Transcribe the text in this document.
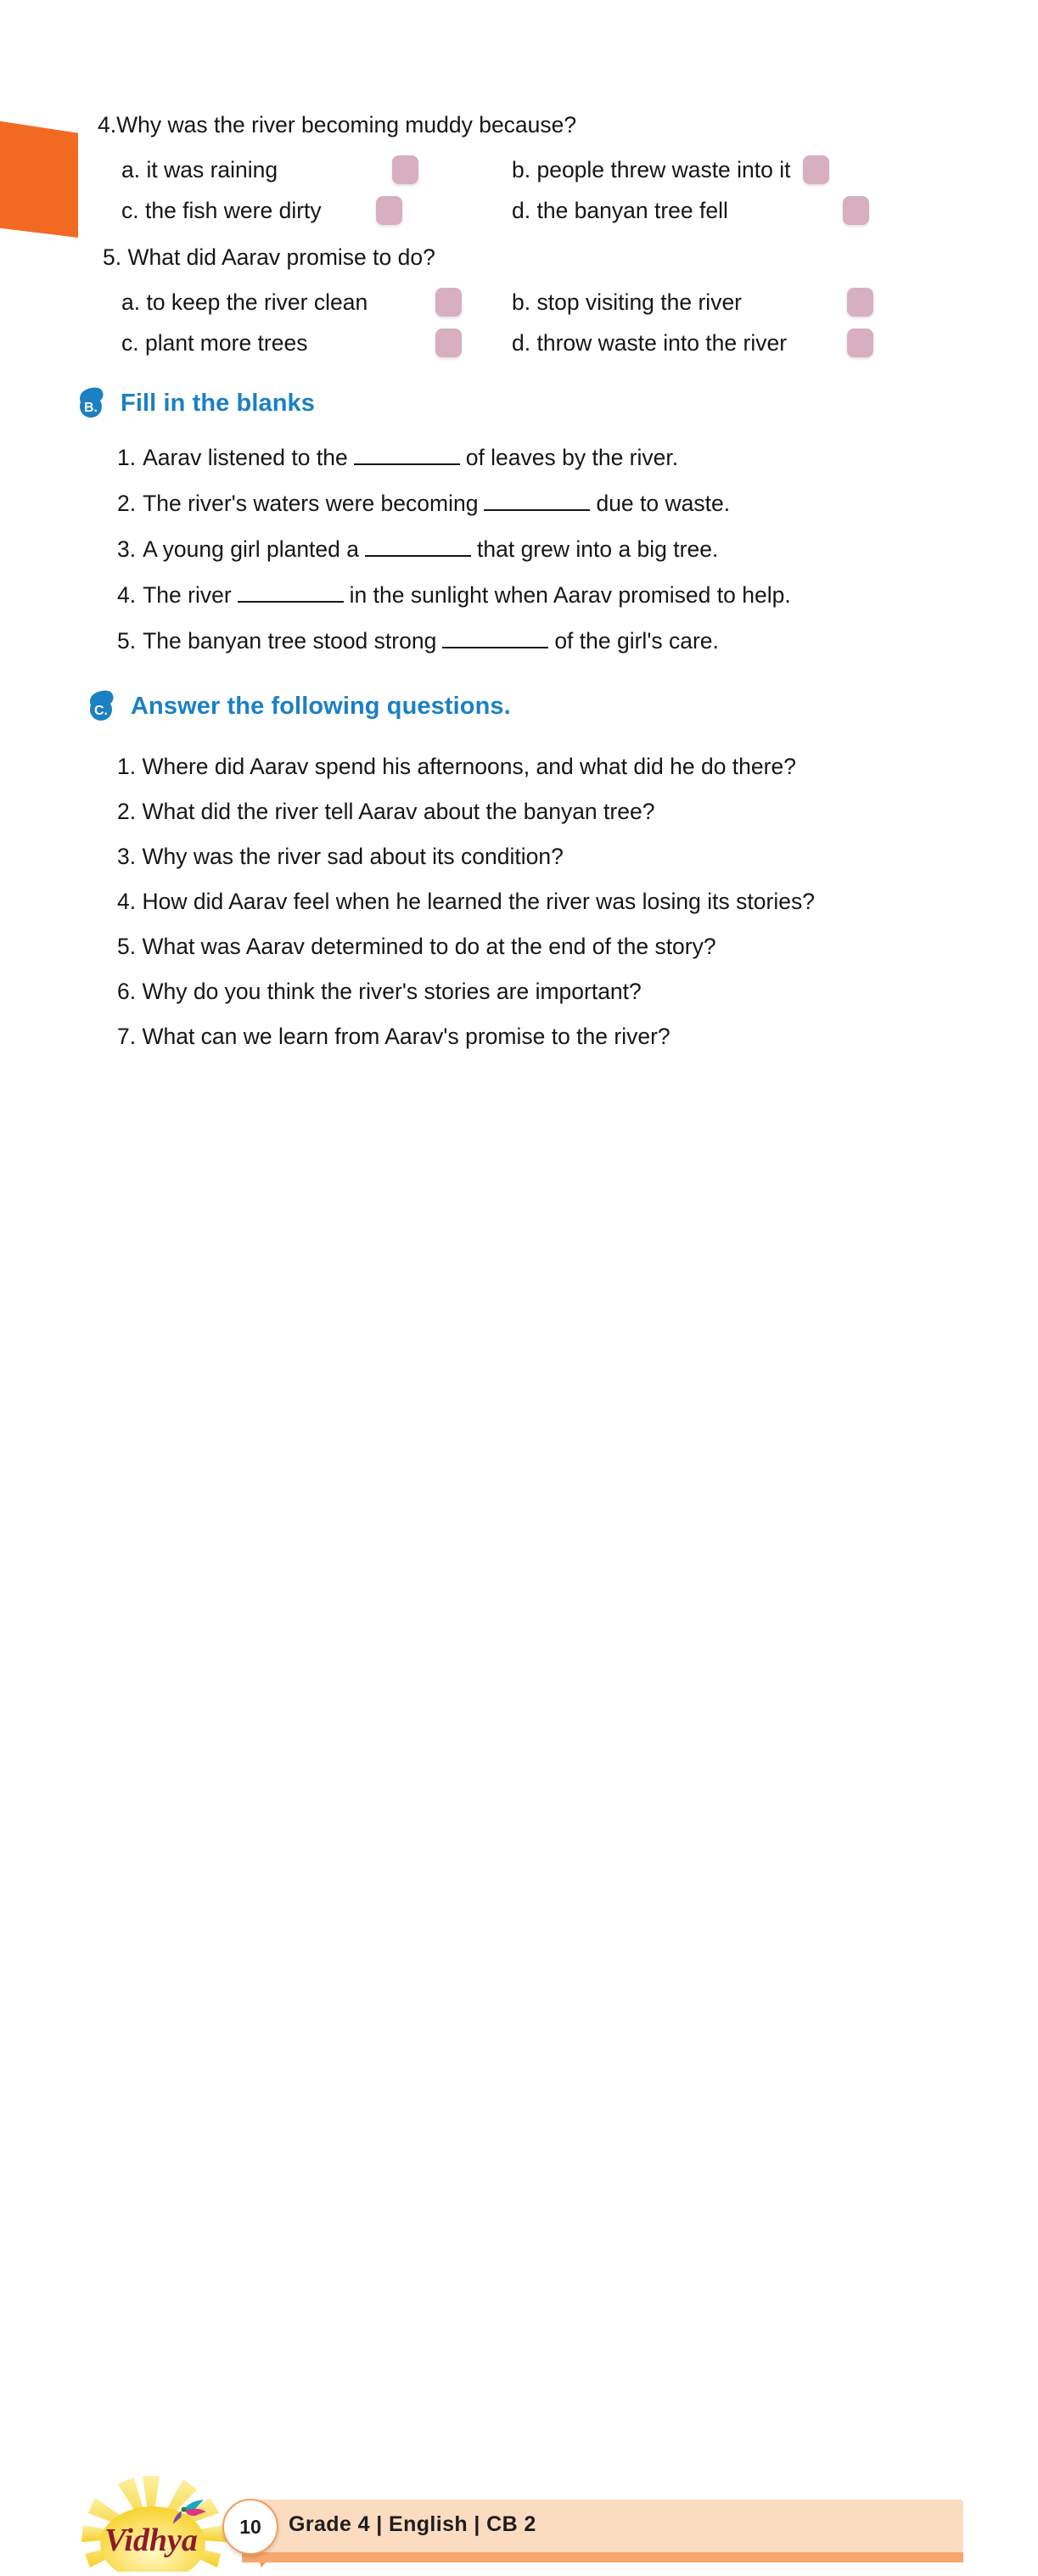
4.Why was the river becoming muddy because?
a. it was raining	b. people threw waste into it
c. the fish were dirty	d. the banyan tree fell
5. What did Aarav promise to do?
a. to keep the river clean	b. stop visiting the river
c. plant more trees	d. throw waste into the river
B. Fill in the blanks
1. Aarav listened to the	of leaves by the river.
2. The river's waters were becoming	due to waste.
3. A young girl planted a	that grew into a big tree.
4. The river	in the sunlight when Aarav promised to help.
5. The banyan tree stood strong	of the girl's care.
C. Answer the following questions.
1. Where did Aarav spend his afternoons, and what did he do there?
2. What did the river tell Aarav about the banyan tree?
3. Why was the river sad about its condition?
4. How did Aarav feel when he learned the river was losing its stories?
5. What was Aarav determined to do at the end of the story?
6. Why do you think the river's stories are important?
7. What can we learn from Aarav's promise to the river?
Vidhya 10 Grade 4 | English | CB 2
